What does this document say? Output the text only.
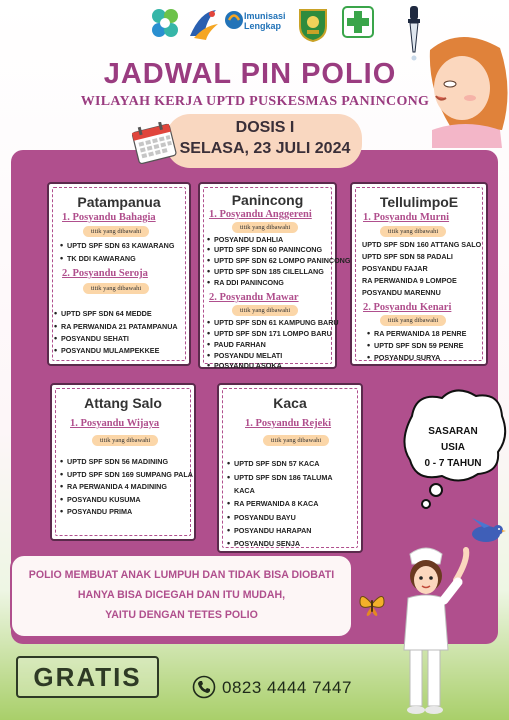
Imunisasi
Lengkap
JADWAL PIN POLIO
WILAYAH KERJA UPTD PUSKESMAS PANINCONG
DOSIS I
SELASA, 23 JULI 2024
Patampanua
1. Posyandu Bahagia
titik yang dibawahi
• UPTD SPF SDN 63 KAWARANG
• TK DDI KAWARANG
2. Posyandu Seroja
titik yang dibawahi
• UPTD SPF SDN 64 MEDDE
• RA PERWANIDA 21 PATAMPANUA
• POSYANDU SEHATI
• POSYANDU MULAMPEKKEE
Panincong
1. Posyandu Anggereni
titik yang dibawahi
• POSYANDU DAHLIA
• UPTD SPF SDN 60 PANINCONG
• UPTD SPF SDN 62 LOMPO PANINCONG
• UPTD SPF SDN 185 CILELLANG
• RA DDI PANINCONG
2. Posyandu Mawar
titik yang dibawahi
• UPTD SPF SDN 61 KAMPUNG BARU
• UPTD SPF SDN 171 LOMPO BARU
• PAUD FARHAN
• POSYANDU MELATI
• POSYANDU ASOKA
TellulimpoE
1. Posyandu Murni
titik yang dibawahi
UPTD SPF SDN 160 ATTANG SALO
UPTD SPF SDN 58 PADALI
POSYANDU FAJAR
RA PERWANIDA 9 LOMPOE
POSYANDU MARENNU
2. Posyandu Kenari
titik yang dibawahi
• RA PERWANIDA 18 PENRE
• UPTD SPF SDN 59 PENRE
• POSYANDU SURYA
Attang Salo
1. Posyandu Wijaya
titik yang dibawahi
• UPTD SPF SDN 56 MADINING
• UPTD SPF SDN 169 SUMPANG PALA
• RA PERWANIDA 4 MADINING
• POSYANDU KUSUMA
• POSYANDU PRIMA
Kaca
1. Posyandu Rejeki
titik yang dibawahi
• UPTD SPF SDN 57 KACA
• UPTD SPF SDN 186 TALUMA
KACA
• RA PERWANIDA 8 KACA
• POSYANDU BAYU
• POSYANDU HARAPAN
• POSYANDU SENJA
SASARAN
USIA
0 - 7 TAHUN
POLIO MEMBUAT ANAK LUMPUH DAN TIDAK BISA DIOBATI
HANYA BISA DICEGAH DAN ITU MUDAH,
YAITU DENGAN TETES POLIO
GRATIS	0823 4444 7447
